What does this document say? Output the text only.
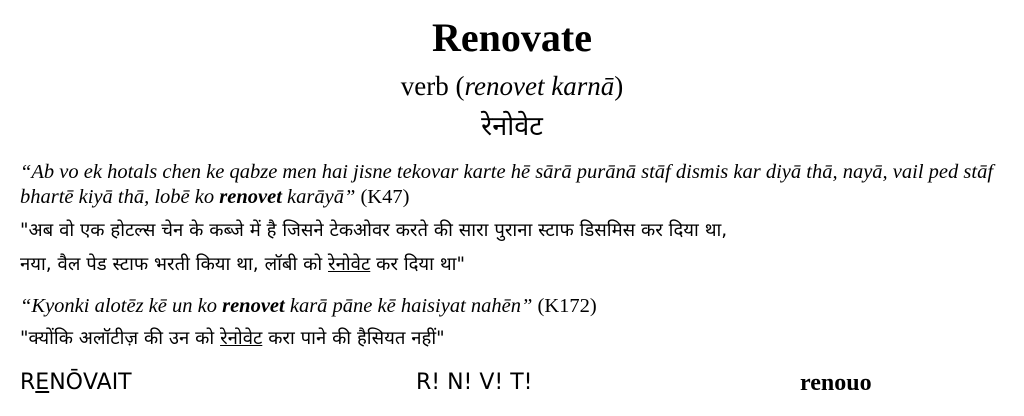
Renovate
verb (renovet karnā)
रेनोवेट
“Ab vo ek hotals chen ke qabze men hai jisne tekovar karte hē sārā purānā stāf dismis kar diyā thā, nayā, vail ped stāf bhartē kiyā thā, lobē ko renovet karāyā” (K47)
"अब वो एक होटल्स चेन के कब्जे में है जिसने टेकओवर करते की सारा पुराना स्टाफ डिसमिस कर दिया था,
नया, वैल पेड स्टाफ भरती किया था, लॉबी को रेनोवेट कर दिया था"
“Kyonki alotēz kē un ko renovet karā pāne kē haisiyat nahēn” (K172)
"क्योंकि अलॉटीज़ की उन को रेनोवेट करा पाने की हैसियत नहीं"
RENŌVAIT	R! N! V! T!	renouo
